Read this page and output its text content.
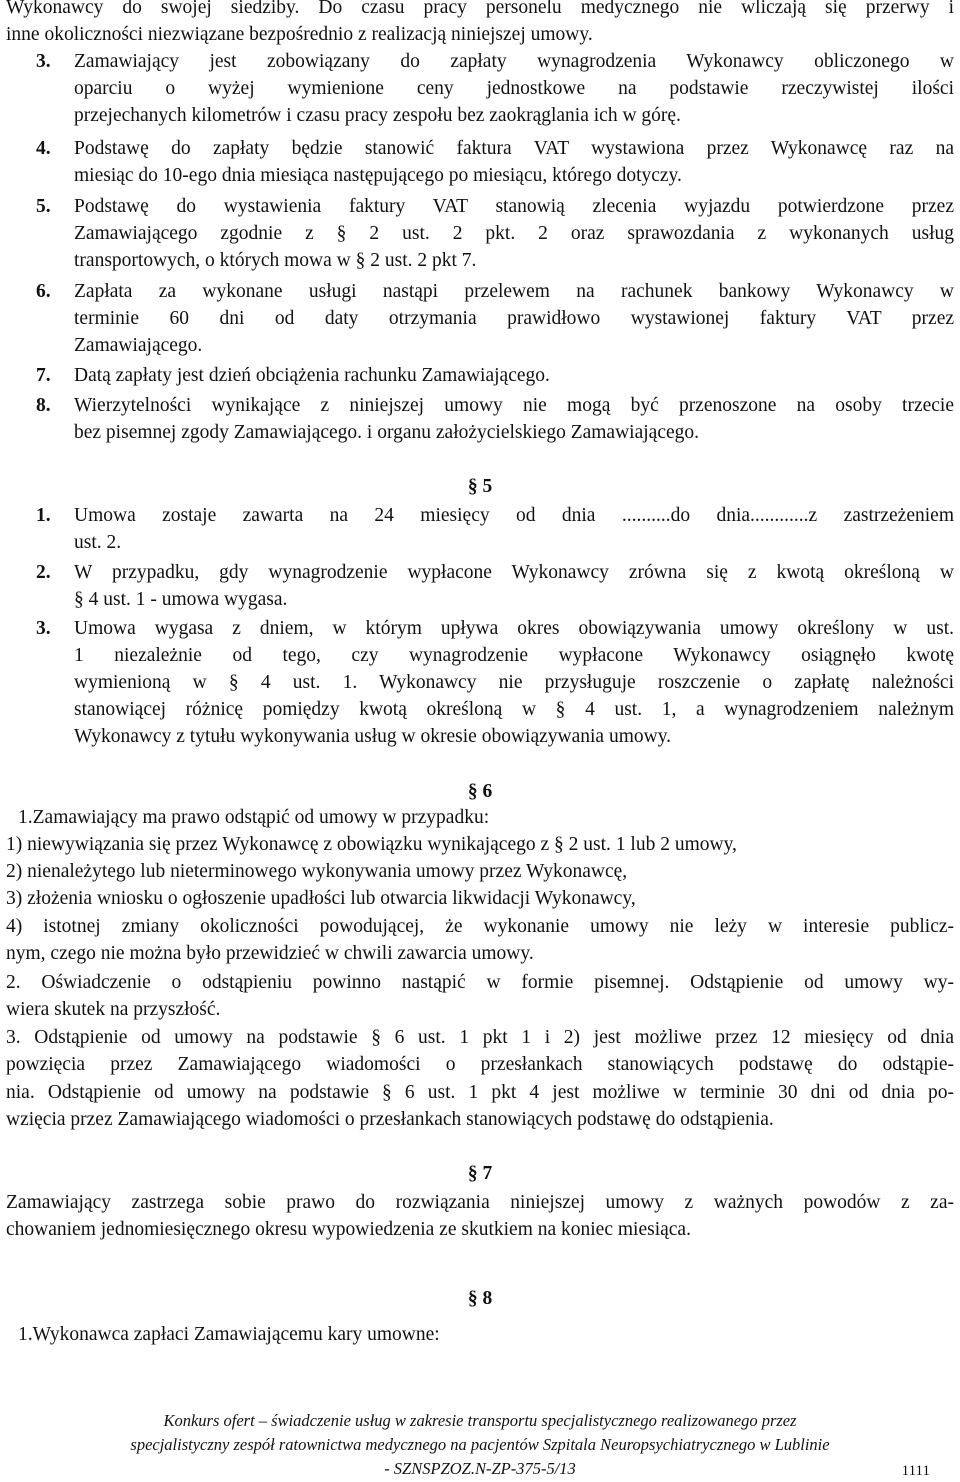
Wykonawcy do swojej siedziby. Do czasu pracy personelu medycznego nie wliczają się przerwy i
inne okoliczności niezwiązane bezpośrednio z realizacją niniejszej umowy.
3. Zamawiający jest zobowiązany do zapłaty wynagrodzenia Wykonawcy obliczonego w
oparciu o wyżej wymienione ceny jednostkowe na podstawie rzeczywistej ilości
przejechanych kilometrów i czasu pracy zespołu bez zaokrąglania ich w górę.
4. Podstawę do zapłaty będzie stanowić faktura VAT wystawiona przez Wykonawcę raz na
miesiąc do 10-ego dnia miesiąca następującego po miesiącu, którego dotyczy.
5. Podstawę do wystawienia faktury VAT stanowią zlecenia wyjazdu potwierdzone przez
Zamawiającego zgodnie z § 2 ust. 2 pkt. 2 oraz sprawozdania z wykonanych usług
transportowych, o których mowa w § 2 ust. 2 pkt 7.
6. Zapłata za wykonane usługi nastąpi przelewem na rachunek bankowy Wykonawcy w
terminie 60 dni od daty otrzymania prawidłowo wystawionej faktury VAT przez
Zamawiającego.
7. Datą zapłaty jest dzień obciążenia rachunku Zamawiającego.
8. Wierzytelności wynikające z niniejszej umowy nie mogą być przenoszone na osoby trzecie
bez pisemnej zgody Zamawiającego. i organu założycielskiego Zamawiającego.
§ 5
1. Umowa zostaje zawarta na 24 miesięcy od dnia ..........do dnia............z zastrzeżeniem
ust. 2.
2. W przypadku, gdy wynagrodzenie wypłacone Wykonawcy zrówna się z kwotą określoną w
§ 4 ust. 1 - umowa wygasa.
3. Umowa wygasa z dniem, w którym upływa okres obowiązywania umowy określony w ust.
1 niezależnie od tego, czy wynagrodzenie wypłacone Wykonawcy osiągnęło kwotę
wymienioną w § 4 ust. 1. Wykonawcy nie przysługuje roszczenie o zapłatę należności
stanowiącej różnicę pomiędzy kwotą określoną w § 4 ust. 1, a wynagrodzeniem należnym
Wykonawcy z tytułu wykonywania usług w okresie obowiązywania umowy.
§ 6
1.Zamawiający ma prawo odstąpić od umowy w przypadku:
1) niewywiązania się przez Wykonawcę z obowiązku wynikającego z § 2 ust. 1 lub 2 umowy,
2) nienależytego lub nieterminowego wykonywania umowy przez Wykonawcę,
3) złożenia wniosku o ogłoszenie upadłości lub otwarcia likwidacji Wykonawcy,
4) istotnej zmiany okoliczności powodującej, że wykonanie umowy nie leży w interesie publicz-
nym, czego nie można było przewidzieć w chwili zawarcia umowy.
2. Oświadczenie o odstąpieniu powinno nastąpić w formie pisemnej. Odstąpienie od umowy wy-
wiera skutek na przyszłość.
3. Odstąpienie od umowy na podstawie § 6 ust. 1 pkt 1 i 2) jest możliwe przez 12 miesięcy od dnia
powzięcia przez Zamawiającego wiadomości o przesłankach stanowiących podstawę do odstąpie-
nia. Odstąpienie od umowy na podstawie § 6 ust. 1 pkt 4 jest możliwe w terminie 30 dni od dnia po-
wzięcia przez Zamawiającego wiadomości o przesłankach stanowiących podstawę do odstąpienia.
§ 7
Zamawiający zastrzega sobie prawo do rozwiązania niniejszej umowy z ważnych powodów z za-
chowaniem jednomiesięcznego okresu wypowiedzenia ze skutkiem na koniec miesiąca.
§ 8
1.Wykonawca zapłaci Zamawiającemu kary umowne:
Konkurs ofert – świadczenie usług w zakresie transportu specjalistycznego realizowanego przez
specjalistyczny zespół ratownictwa medycznego na pacjentów Szpitala Neuropsychiatrycznego w Lublinie
- SZNSPZOZ.N-ZP-375-5/13	1111
